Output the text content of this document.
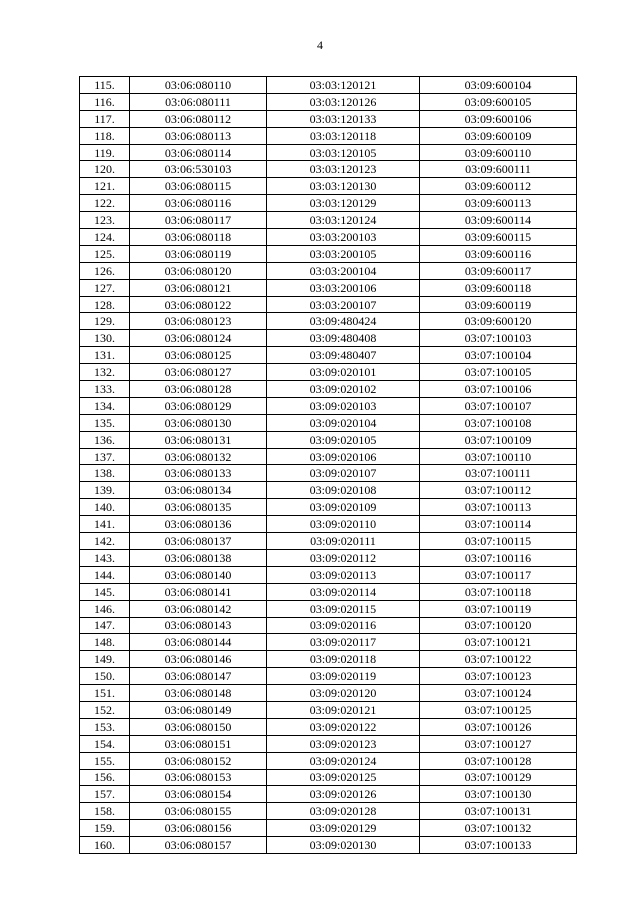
4
115.	03:06:080110	03:03:120121	03:09:600104
116.	03:06:080111	03:03:120126	03:09:600105
117.	03:06:080112	03:03:120133	03:09:600106
118.	03:06:080113	03:03:120118	03:09:600109
119.	03:06:080114	03:03:120105	03:09:600110
120.	03:06:530103	03:03:120123	03:09:600111
121.	03:06:080115	03:03:120130	03:09:600112
122.	03:06:080116	03:03:120129	03:09:600113
123.	03:06:080117	03:03:120124	03:09:600114
124.	03:06:080118	03:03:200103	03:09:600115
125.	03:06:080119	03:03:200105	03:09:600116
126.	03:06:080120	03:03:200104	03:09:600117
127.	03:06:080121	03:03:200106	03:09:600118
128.	03:06:080122	03:03:200107	03:09:600119
129.	03:06:080123	03:09:480424	03:09:600120
130.	03:06:080124	03:09:480408	03:07:100103
131.	03:06:080125	03:09:480407	03:07:100104
132.	03:06:080127	03:09:020101	03:07:100105
133.	03:06:080128	03:09:020102	03:07:100106
134.	03:06:080129	03:09:020103	03:07:100107
135.	03:06:080130	03:09:020104	03:07:100108
136.	03:06:080131	03:09:020105	03:07:100109
137.	03:06:080132	03:09:020106	03:07:100110
138.	03:06:080133	03:09:020107	03:07:100111
139.	03:06:080134	03:09:020108	03:07:100112
140.	03:06:080135	03:09:020109	03:07:100113
141.	03:06:080136	03:09:020110	03:07:100114
142.	03:06:080137	03:09:020111	03:07:100115
143.	03:06:080138	03:09:020112	03:07:100116
144.	03:06:080140	03:09:020113	03:07:100117
145.	03:06:080141	03:09:020114	03:07:100118
146.	03:06:080142	03:09:020115	03:07:100119
147.	03:06:080143	03:09:020116	03:07:100120
148.	03:06:080144	03:09:020117	03:07:100121
149.	03:06:080146	03:09:020118	03:07:100122
150.	03:06:080147	03:09:020119	03:07:100123
151.	03:06:080148	03:09:020120	03:07:100124
152.	03:06:080149	03:09:020121	03:07:100125
153.	03:06:080150	03:09:020122	03:07:100126
154.	03:06:080151	03:09:020123	03:07:100127
155.	03:06:080152	03:09:020124	03:07:100128
156.	03:06:080153	03:09:020125	03:07:100129
157.	03:06:080154	03:09:020126	03:07:100130
158.	03:06:080155	03:09:020128	03:07:100131
159.	03:06:080156	03:09:020129	03:07:100132
160.	03:06:080157	03:09:020130	03:07:100133
